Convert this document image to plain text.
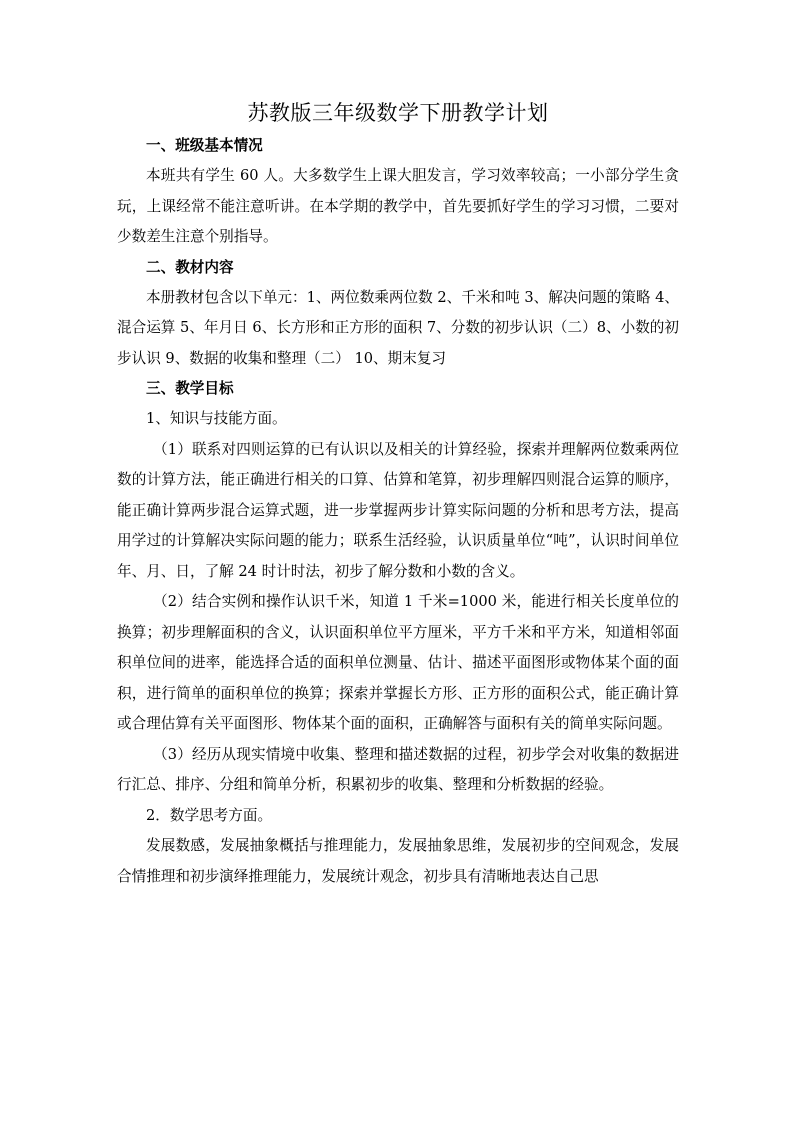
苏教版三年级数学下册教学计划

一、班级基本情况

本班共有学生 60 人。大多数学生上课大胆发言，学习效率较高；一小部分学生贪玩，上课经常不能注意听讲。在本学期的教学中，首先要抓好学生的学习习惯，二要对少数差生注意个别指导。

二、教材内容

本册教材包含以下单元：1、两位数乘两位数 2、千米和吨 3、解决问题的策略 4、混合运算 5、年月日 6、长方形和正方形的面积 7、分数的初步认识（二）8、小数的初步认识 9、数据的收集和整理（二） 10、期末复习

三、教学目标

1、知识与技能方面。

（1）联系对四则运算的已有认识以及相关的计算经验，探索并理解两位数乘两位数的计算方法，能正确进行相关的口算、估算和笔算，初步理解四则混合运算的顺序，能正确计算两步混合运算式题，进一步掌握两步计算实际问题的分析和思考方法，提高用学过的计算解决实际问题的能力；联系生活经验，认识质量单位“吨”，认识时间单位年、月、日，了解 24 时计时法，初步了解分数和小数的含义。

（2）结合实例和操作认识千米，知道 1 千米=1000 米，能进行相关长度单位的换算；初步理解面积的含义，认识面积单位平方厘米，平方千米和平方米，知道相邻面积单位间的进率，能选择合适的面积单位测量、估计、描述平面图形或物体某个面的面积，进行简单的面积单位的换算；探索并掌握长方形、正方形的面积公式，能正确计算或合理估算有关平面图形、物体某个面的面积，正确解答与面积有关的简单实际问题。

（3）经历从现实情境中收集、整理和描述数据的过程，初步学会对收集的数据进行汇总、排序、分组和简单分析，积累初步的收集、整理和分析数据的经验。

2．数学思考方面。

发展数感，发展抽象概括与推理能力，发展抽象思维，发展初步的空间观念，发展合情推理和初步演绎推理能力，发展统计观念，初步具有清晰地表达自己思
